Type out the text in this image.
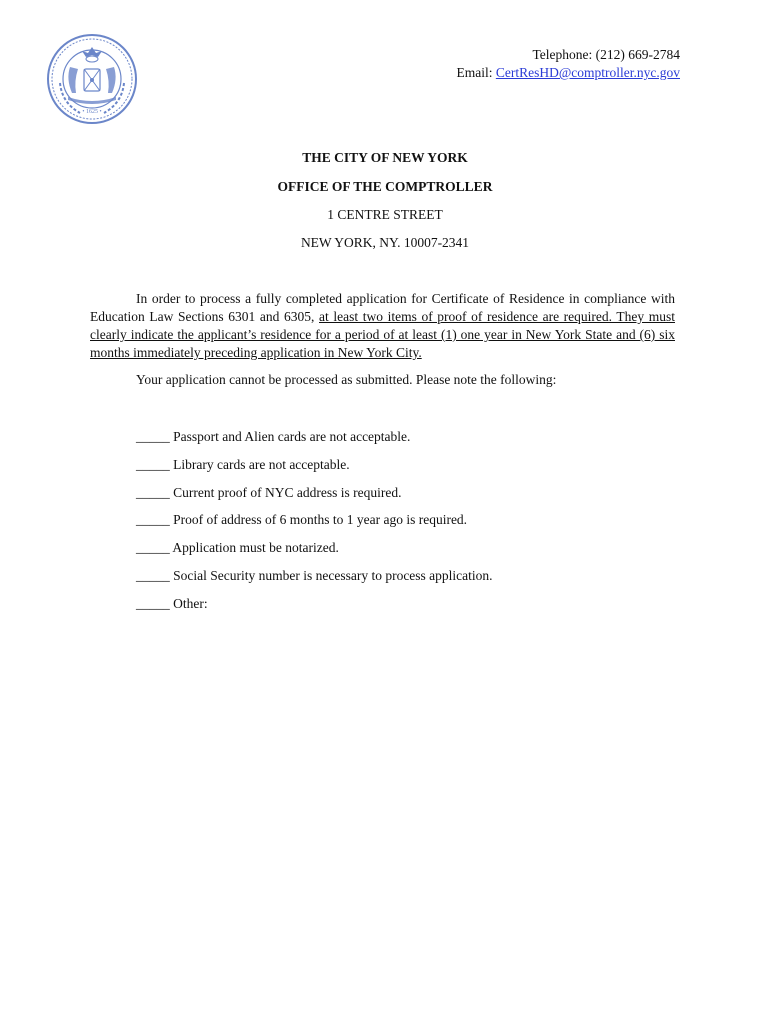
• 1625 •
Telephone: (212) 669-2784
Email: CertResHD@comptroller.nyc.gov
THE CITY OF NEW YORK
OFFICE OF THE COMPTROLLER
1 CENTRE STREET
NEW YORK, NY. 10007-2341
In order to process a fully completed application for Certificate of Residence in compliance with Education Law Sections 6301 and 6305, at least two items of proof of residence are required. They must clearly indicate the applicant’s residence for a period of at least (1) one year in New York State and (6) six months immediately preceding application in New York City.
Your application cannot be processed as submitted. Please note the following:
_____ Passport and Alien cards are not acceptable.
_____ Library cards are not acceptable.
_____ Current proof of NYC address is required.
_____ Proof of address of 6 months to 1 year ago is required.
_____ Application must be notarized.
_____ Social Security number is necessary to process application.
_____ Other:
